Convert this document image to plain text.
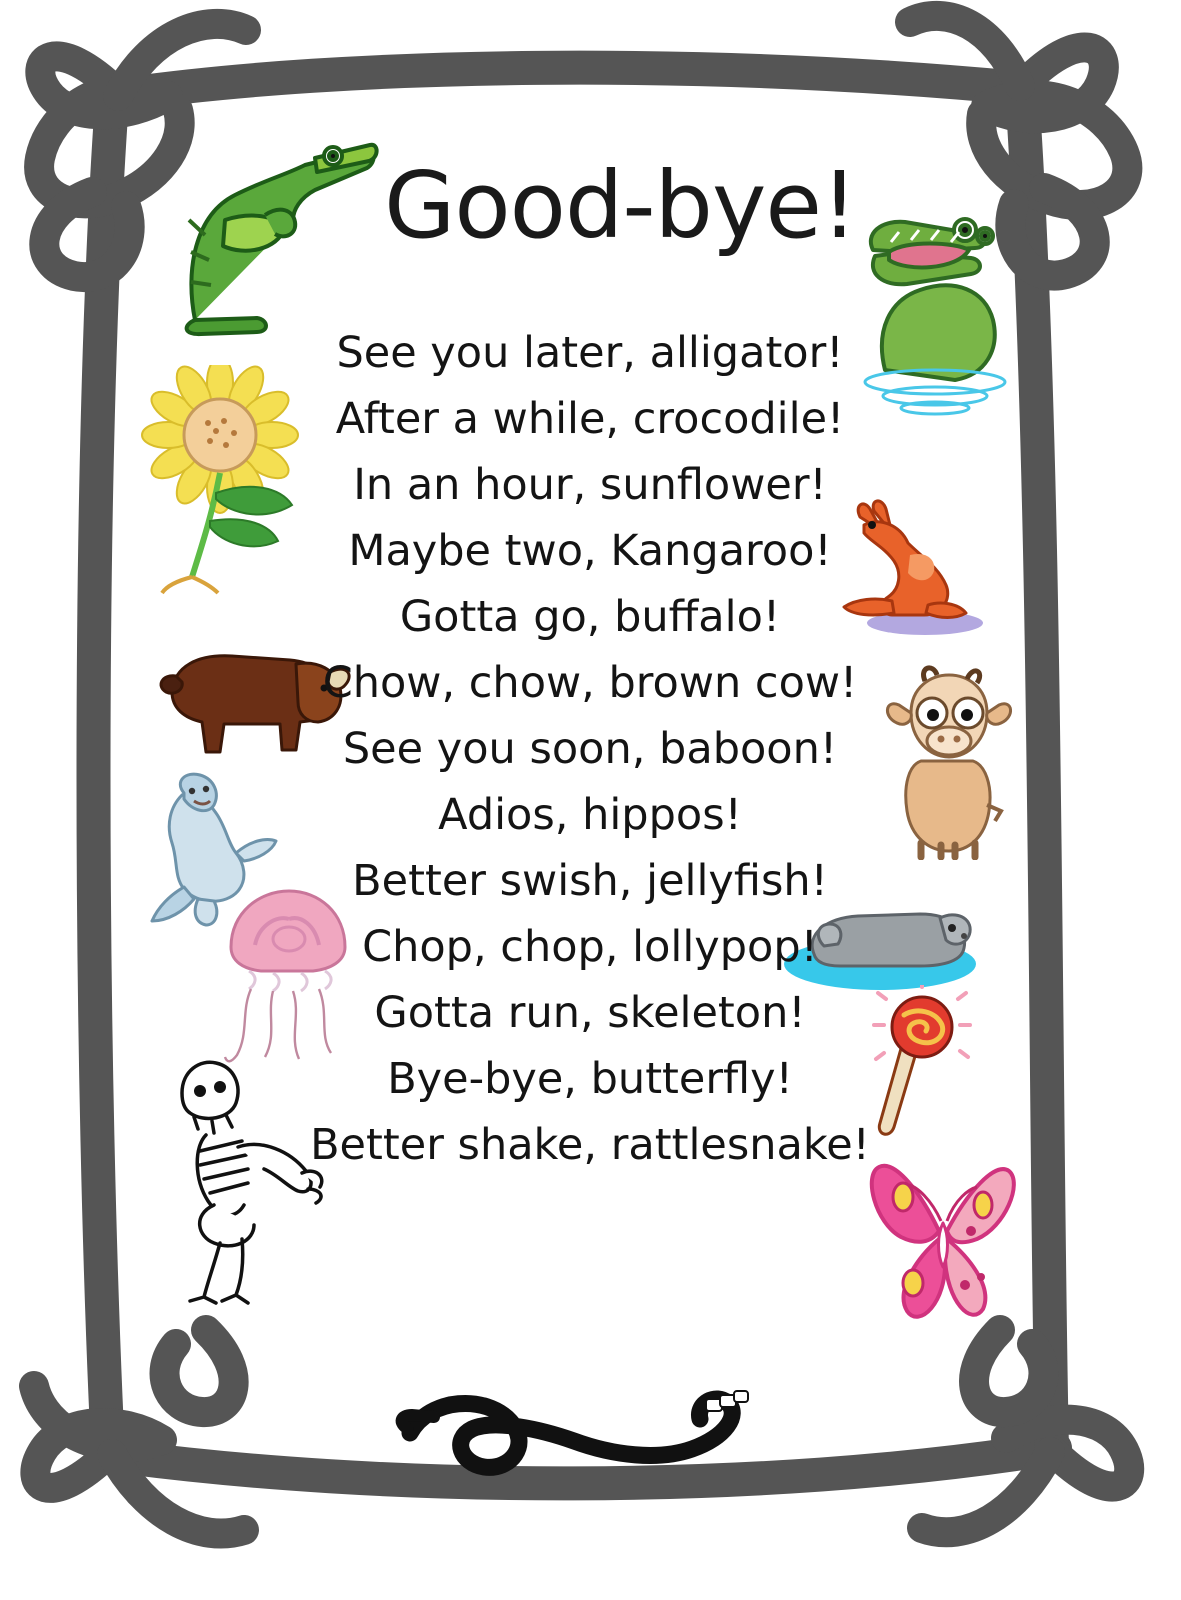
Good-bye!

See you later, alligator!

After a while, crocodile!

In an hour, sunflower!

Maybe two, Kangaroo!

Gotta go, buffalo!

Chow, chow, brown cow!

See you soon, baboon!

Adios, hippos!

Better swish, jellyfish!

Chop, chop, lollypop!

Gotta run, skeleton!

Bye-bye, butterfly!

Better shake, rattlesnake!
